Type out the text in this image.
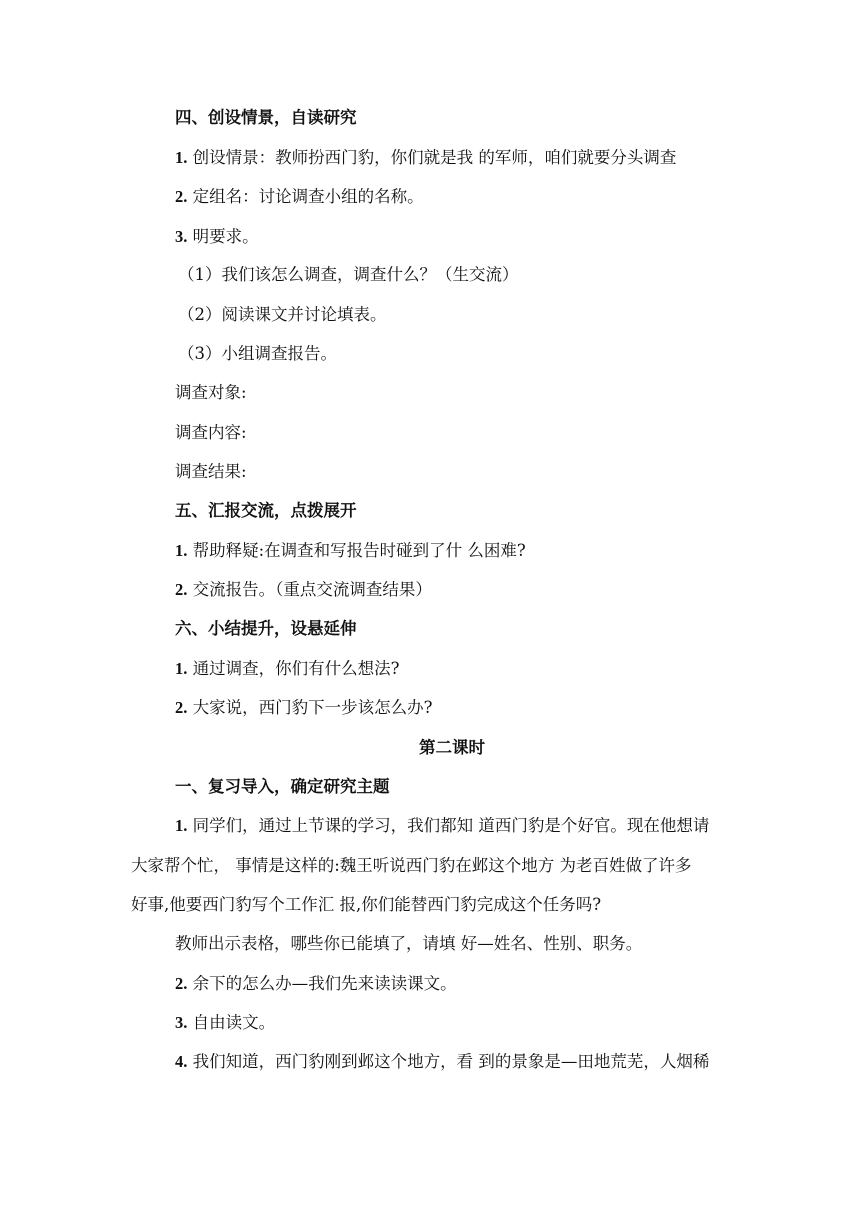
四、创设情景，自读研究
1. 创设情景：教师扮西门豹，你们就是我 的军师，咱们就要分头调查
2. 定组名：讨论调查小组的名称。
3. 明要求。
（1）我们该怎么调查，调查什么？（生交流）
（2）阅读课文并讨论填表。
（3）小组调查报告。
调查对象:
调查内容:
调查结果:
五、汇报交流，点拨展开
1. 帮助释疑:在调查和写报告时碰到了什 么困难?
2. 交流报告。（重点交流调查结果）
六、小结提升，设悬延伸
1. 通过调查，你们有什么想法?
2. 大家说，西门豹下一步该怎么办?
第二课时
一、复习导入，确定研究主题
1. 同学们，通过上节课的学习，我们都知 道西门豹是个好官。现在他想请
大家帮个忙， 事情是这样的:魏王听说西门豹在邺这个地方 为老百姓做了许多
好事,他要西门豹写个工作汇 报,你们能替西门豹完成这个任务吗?
教师出示表格，哪些你已能填了，请填 好—姓名、性别、职务。
2. 余下的怎么办—我们先来读读课文。
3. 自由读文。
4. 我们知道，西门豹刚到邺这个地方，看 到的景象是—田地荒芜，人烟稀
